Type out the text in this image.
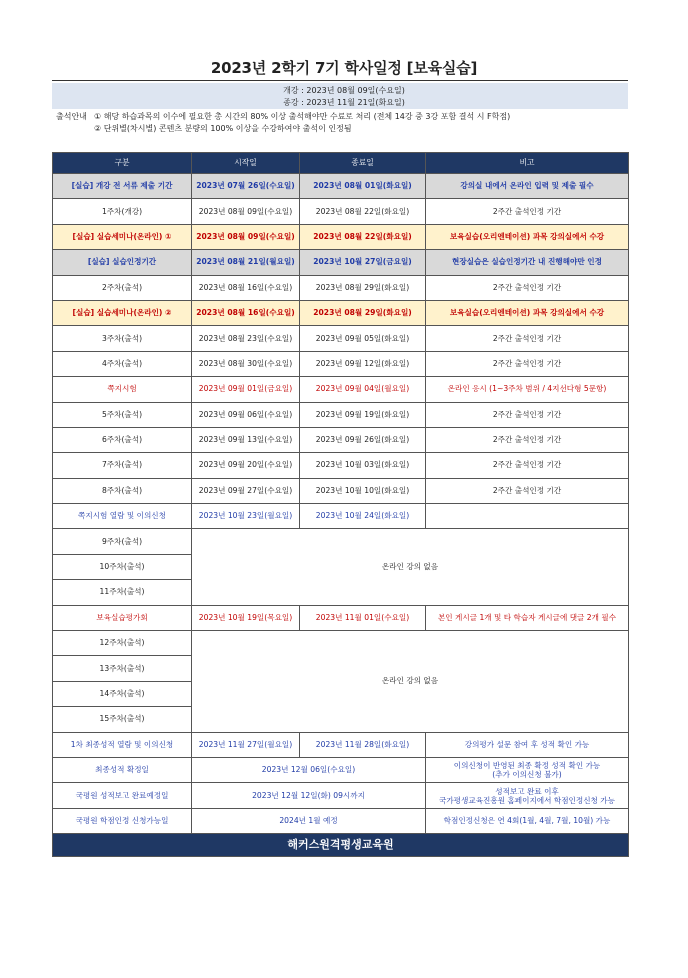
2023년 2학기 7기 학사일정 [보육실습]
개강 : 2023년 08월 09일(수요일)
종강 : 2023년 11월 21일(화요일)
출석안내 ① 해당 하습과목의 이수에 필요한 총 시간의 80% 이상 출석해야만 수료로 처리 (전체 14강 중 3강 포함 결석 시 F학점)
② 단위별(차시별) 콘텐츠 분량의 100% 이상을 수강하여야 출석이 인정됨
구분	시작일	종료일	비고
[실습] 개강 전 서류 제출 기간	2023년 07월 26일(수요일)	2023년 08월 01일(화요일)	강의실 내에서 온라인 입력 및 제출 필수
1주차(개강)	2023년 08월 09일(수요일)	2023년 08월 22일(화요일)	2주간 출석인정 기간
[실습] 실습세미나(온라인) ①	2023년 08월 09일(수요일)	2023년 08월 22일(화요일)	보육실습(오리엔테이션) 과목 강의실에서 수강
[실습] 실습인정기간	2023년 08월 21일(월요일)	2023년 10월 27일(금요일)	현장실습은 실습인정기간 내 진행해야만 인정
2주차(출석)	2023년 08월 16일(수요일)	2023년 08월 29일(화요일)	2주간 출석인정 기간
[실습] 실습세미나(온라인) ②	2023년 08월 16일(수요일)	2023년 08월 29일(화요일)	보육실습(오리엔테이션) 과목 강의실에서 수강
3주차(출석)	2023년 08월 23일(수요일)	2023년 09월 05일(화요일)	2주간 출석인정 기간
4주차(출석)	2023년 08월 30일(수요일)	2023년 09월 12일(화요일)	2주간 출석인정 기간
쪽지시험	2023년 09월 01일(금요일)	2023년 09월 04일(월요일)	온라인 응시 (1~3주차 범위 / 4지선다형 5문항)
5주차(출석)	2023년 09월 06일(수요일)	2023년 09월 19일(화요일)	2주간 출석인정 기간
6주차(출석)	2023년 09월 13일(수요일)	2023년 09월 26일(화요일)	2주간 출석인정 기간
7주차(출석)	2023년 09월 20일(수요일)	2023년 10월 03일(화요일)	2주간 출석인정 기간
8주차(출석)	2023년 09월 27일(수요일)	2023년 10월 10일(화요일)	2주간 출석인정 기간
쪽지시험 열람 및 이의신청	2023년 10월 23일(월요일)	2023년 10월 24일(화요일)	
9주차(출석)	온라인 강의 없음		
10주차(출석)			
11주차(출석)			
보육실습평가회	2023년 10월 19일(목요일)	2023년 11월 01일(수요일)	본인 게시글 1개 및 타 학습자 게시글에 댓글 2개 필수
12주차(출석)	온라인 강의 없음		
13주차(출석)			
14주차(출석)			
15주차(출석)			
1차 최종성적 열람 및 이의신청	2023년 11월 27일(월요일)	2023년 11월 28일(화요일)	강의평가 설문 참여 후 성적 확인 가능
최종성적 확정일	2023년 12월 06일(수요일)		이의신청이 반영된 최종 확정 성적 확인 가능
(추가 이의신청 불가)

국평원 성적보고 완료예정일	2023년 12월 12일(화) 09시까지		성적보고 완료 이후
국가평생교육진흥원 홈페이지에서 학점인정신청 가능

국평원 학점인정 신청가능일	2024년 1월 예정		학점인정신청은 연 4회(1월, 4월, 7월, 10월) 가능
해커스원격평생교육원			
